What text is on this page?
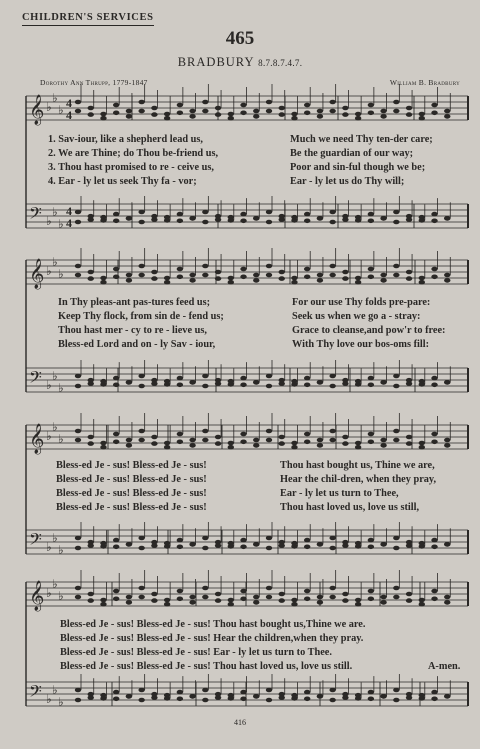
CHILDREN'S SERVICES
465
BRADBURY 8.7.8.7.4.7.
Dorothy Ann Thrupp, 1779-1847	William B. Bradbury
𝄞
𝄢
♭
♭
♭
♭
♭
♭
4
4
4
4
𝄞
𝄢
♭
♭
♭
♭
♭
♭
𝄞
𝄢
♭
♭
♭
♭
♭
♭
𝄞
𝄢
♭
♭
♭
♭
♭
♭
1. Sav-iour, like a shepherd lead us,	Much we need Thy ten-der care;
2. We are Thine; do Thou be-friend us,	Be the guardian of our way;
3. Thou hast promised to re - ceive us,	Poor and sin-ful though we be;
4. Ear - ly let us seek Thy fa - vor;	Ear - ly let us do Thy will;
In Thy pleas-ant pas-tures feed us;	For our use Thy folds pre-pare:
Keep Thy flock, from sin de - fend us;	Seek us when we go a - stray:
Thou hast mer - cy to re - lieve us,	Grace to cleanse,and pow'r to free:
Bless-ed Lord and on - ly Sav - iour,	With Thy love our bos-oms fill:
Bless-ed Je - sus! Bless-ed Je - sus!	Thou hast bought us, Thine we are,
Bless-ed Je - sus! Bless-ed Je - sus!	Hear the chil-dren, when they pray,
Bless-ed Je - sus! Bless-ed Je - sus!	Ear - ly let us turn to Thee,
Bless-ed Je - sus! Bless-ed Je - sus!	Thou hast loved us, love us still,
Bless-ed Je - sus! Bless-ed Je - sus! Thou hast bought us,Thine we are.
Bless-ed Je - sus! Bless-ed Je - sus! Hear the children,when they pray.
Bless-ed Je - sus! Bless-ed Je - sus! Ear - ly let us turn to Thee.
Bless-ed Je - sus! Bless-ed Je - sus! Thou hast loved us, love us still.	A-men.
416
